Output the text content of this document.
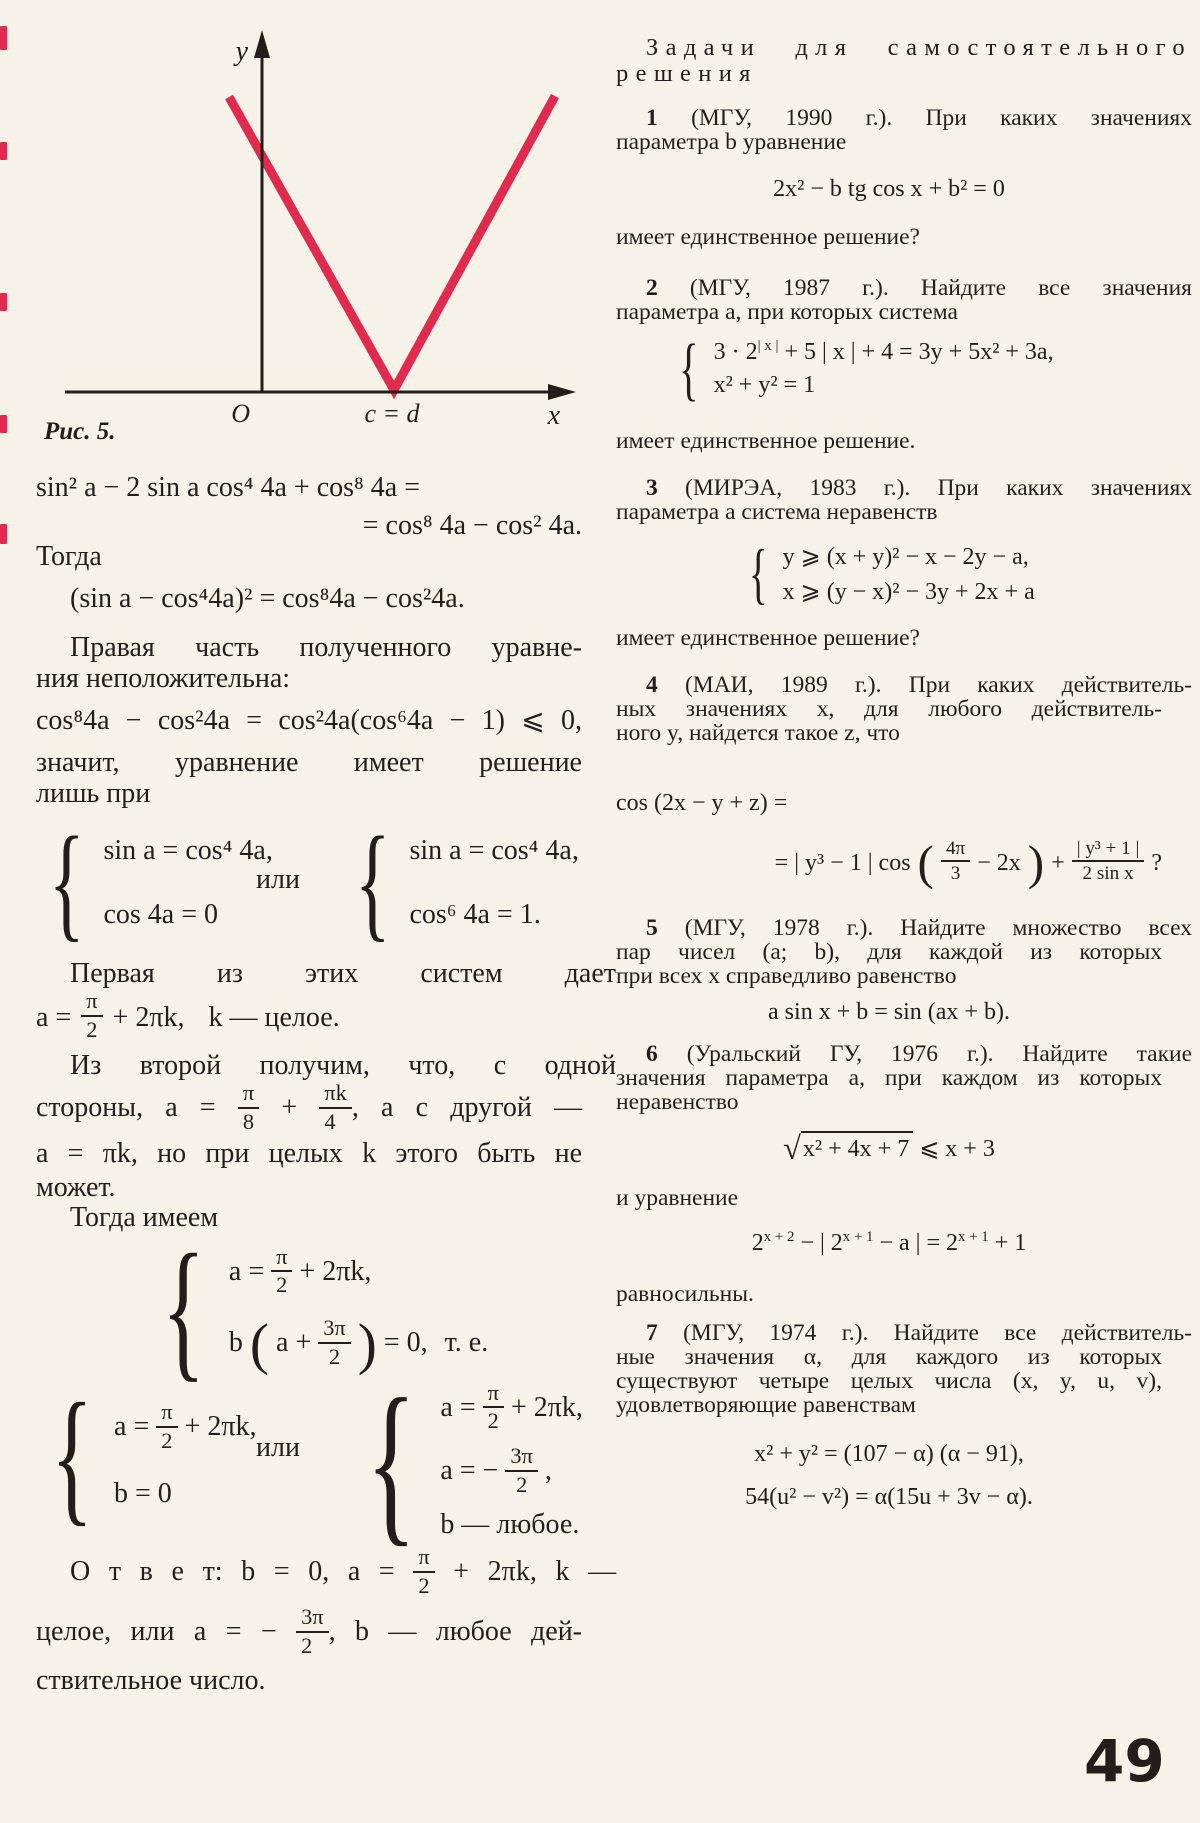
y
x
O	c = d
Рис. 5.
sin² a − 2 sin a cos⁴ 4a + cos⁸ 4a =
= cos⁸ 4a − cos² 4a.
Тогда
(sin a − cos⁴4a)² = cos⁸4a − cos²4a.
Правая часть полученного уравне-
ния неположительна:
cos⁸4a − cos²4a = cos²4a(cos⁶4a − 1) ⩽ 0,
значит, уравнение имеет решение
лишь при
{ sin a = cos⁴ 4a,
cos 4a = 0
или { sin a = cos⁴ 4a,
cos⁶ 4a = 1.
Первая из этих систем дает
$a = \frac{\pi}{2} + 2\pi k$, k — целое.
Из второй получим, что, с одной
стороны, $a = \frac{\pi}{8} + \frac{\pi k}{4}$ , а с другой —
a = πk, но при целых k этого быть не
может.
Тогда имеем
{ $a = \frac{\pi}{2} + 2\pi k$,
b ( $a + \frac{3\pi}{2}$ ) = 0, т. е.
{ $a = \frac{\pi}{2} + 2\pi k$,
b = 0
или { $a = \frac{\pi}{2} + 2\pi k$,
a = − $\frac{3\pi}{2}$ ,
b — любое.
О т в е т: b = 0, $a = \frac{\pi}{2} + 2\pi k$, k —
целое, или a = − $\frac{3\pi}{2}$ , b — любое дей-
ствительное число.
Задачи для самостоятельного
решения
1 (МГУ, 1990 г.). При каких значениях
параметра b уравнение
2x² − b tg cos x + b² = 0
имеет единственное решение?
2 (МГУ, 1987 г.). Найдите все значения
параметра a, при которых система
{ $3 \cdot 2^{| x |} + 5$ | x | + 4 = 3y + 5x² + 3a,
x² + y² = 1
имеет единственное решение.
3 (МИРЭА, 1983 г.). При каких значениях
параметра a система неравенств
{ y ⩾ (x + y)² − x − 2y − a,
x ⩾ (y − x)² − 3y + 2x + a
имеет единственное решение?
4 (МАИ, 1989 г.). При каких действитель-
ных значениях x, для любого действитель-
ного y, найдется такое z, что
cos (2x − y + z) =
= | y³ − 1 | cos ( $\frac{4\pi}{3} - 2x$ ) + $\frac{\text{| y³ + 1 |}}{\text{2 sin x}}$ ?
5 (МГУ, 1978 г.). Найдите множество всех
пар чисел (a; b), для каждой из которых
при всех x справедливо равенство
a sin x + b = sin (ax + b).
6 (Уральский ГУ, 1976 г.). Найдите такие
значения параметра a, при каждом из которых
неравенство
√x² + 4x + 7 ⩽ x + 3
и уравнение
$2^{x + 2}$ − | $2^{x + 1} - a$ | = $2^{x + 1} + 1$
равносильны.
7 (МГУ, 1974 г.). Найдите все действитель-
ные значения α, для каждого из которых
существуют четыре целых числа (x, y, u, v),
удовлетворяющие равенствам
x² + y² = (107 − α) (α − 91),
54(u² − v²) = α(15u + 3v − α).
49
